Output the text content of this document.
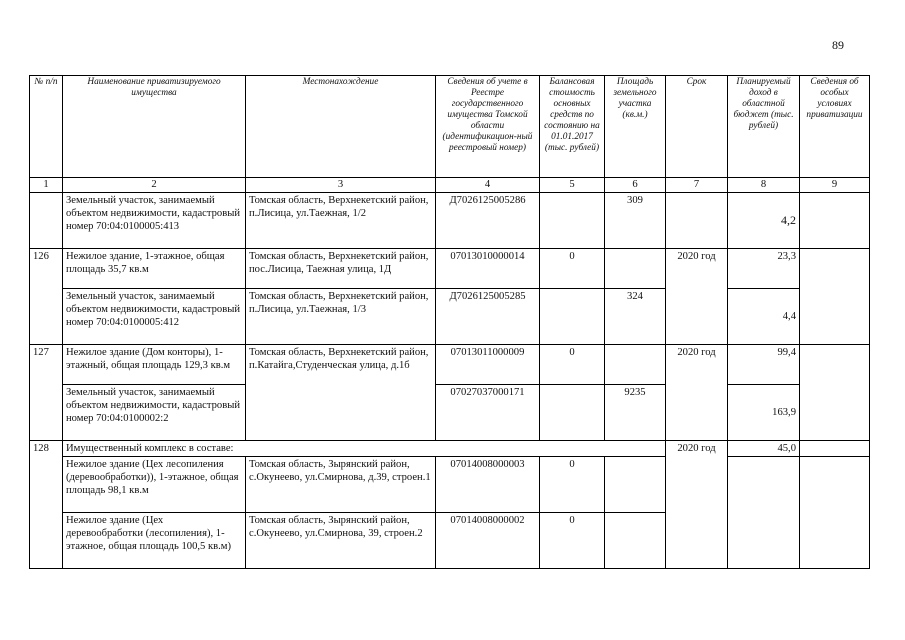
89
№ п/п	Наименование приватизируемого имущества	Местонахождение	Сведения об учете в Реестре государственного имущества Томской области (идентификацион-ный реестровый номер)	Балансовая стоимость основных средств по состоянию на 01.01.2017 (тыс. рублей)	Площадь земельного участка (кв.м.)	Срок	Планируемый доход в областной бюджет (тыс. рублей)	Сведения об особых условиях приватизации
1	2	3	4	5	6	7	8	9
	Земельный участок, занимаемый объектом недвижимости, кадастровый номер 70:04:0100005:413	Томская область, Верхнекетский район, п.Лисица, ул.Таежная, 1/2	Д7026125005286		309		4,2	
126	Нежилое здание, 1-этажное, общая площадь 35,7 кв.м	Томская область, Верхнекетский район, пос.Лисица, Таежная улица, 1Д	07013010000014	0		2020 год	23,3	
	Земельный участок, занимаемый объектом недвижимости, кадастровый номер 70:04:0100005:412	Томская область, Верхнекетский район, п.Лисица, ул.Таежная, 1/3	Д7026125005285		324		4,4	
127	Нежилое здание (Дом конторы), 1-этажный, общая площадь 129,3 кв.м	Томская область, Верхнекетский район, п.Катайга,Студенческая улица, д.1б	07013011000009	0		2020 год	99,4	
	Земельный участок, занимаемый объектом недвижимости, кадастровый номер 70:04:0100002:2		07027037000171		9235		163,9	
128	Имущественный комплекс в составе:					2020 год	45,0	
	Нежилое здание (Цех лесопиления (деревообработки)), 1-этажное, общая площадь 98,1 кв.м	Томская область, Зырянский район, с.Окунеево, ул.Смирнова, д.39, строен.1	07014008000003	0				
	Нежилое здание (Цех деревообработки (лесопиления), 1-этажное, общая площадь 100,5 кв.м)	Томская область, Зырянский район, с.Окунеево, ул.Смирнова, 39, строен.2	07014008000002	0				
